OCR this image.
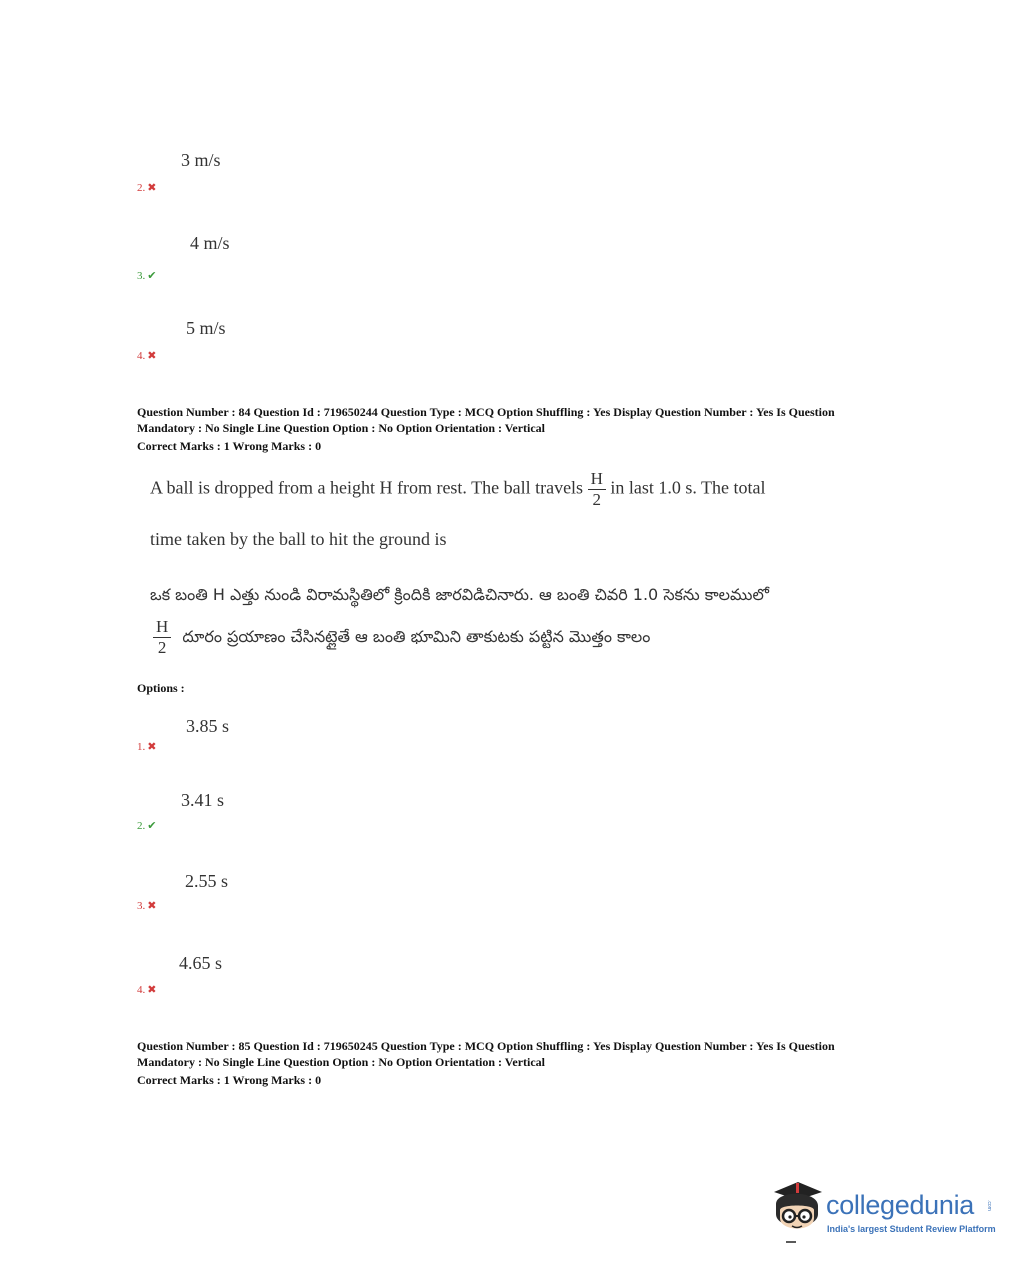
3 m/s
2. ✖
4 m/s
3. ✔
5 m/s
4. ✖
Question Number : 84 Question Id : 719650244 Question Type : MCQ Option Shuffling : Yes Display Question Number : Yes Is Question
Mandatory : No Single Line Question Option : No Option Orientation : Vertical
Correct Marks : 1 Wrong Marks : 0
A ball is dropped from a height H from rest. The ball travels $\frac{H}{2}$ in last 1.0 s. The total
time taken by the ball to hit the ground is
ఒక బంతి H ఎత్తు నుండి విరామస్థితిలో క్రిందికి జారవిడిచినారు. ఆ బంతి చివరి 1.0 సెకను కాలములో
$\frac{H}{2}$ దూరం ప్రయాణం చేసినట్లైతే ఆ బంతి భూమిని తాకుటకు పట్టిన మొత్తం కాలం
Options :
3.85 s
1. ✖
3.41 s
2. ✔
2.55 s
3. ✖
4.65 s
4. ✖
Question Number : 85 Question Id : 719650245 Question Type : MCQ Option Shuffling : Yes Display Question Number : Yes Is Question
Mandatory : No Single Line Question Option : No Option Orientation : Vertical
Correct Marks : 1 Wrong Marks : 0
collegedunia .com
India's largest Student Review Platform
